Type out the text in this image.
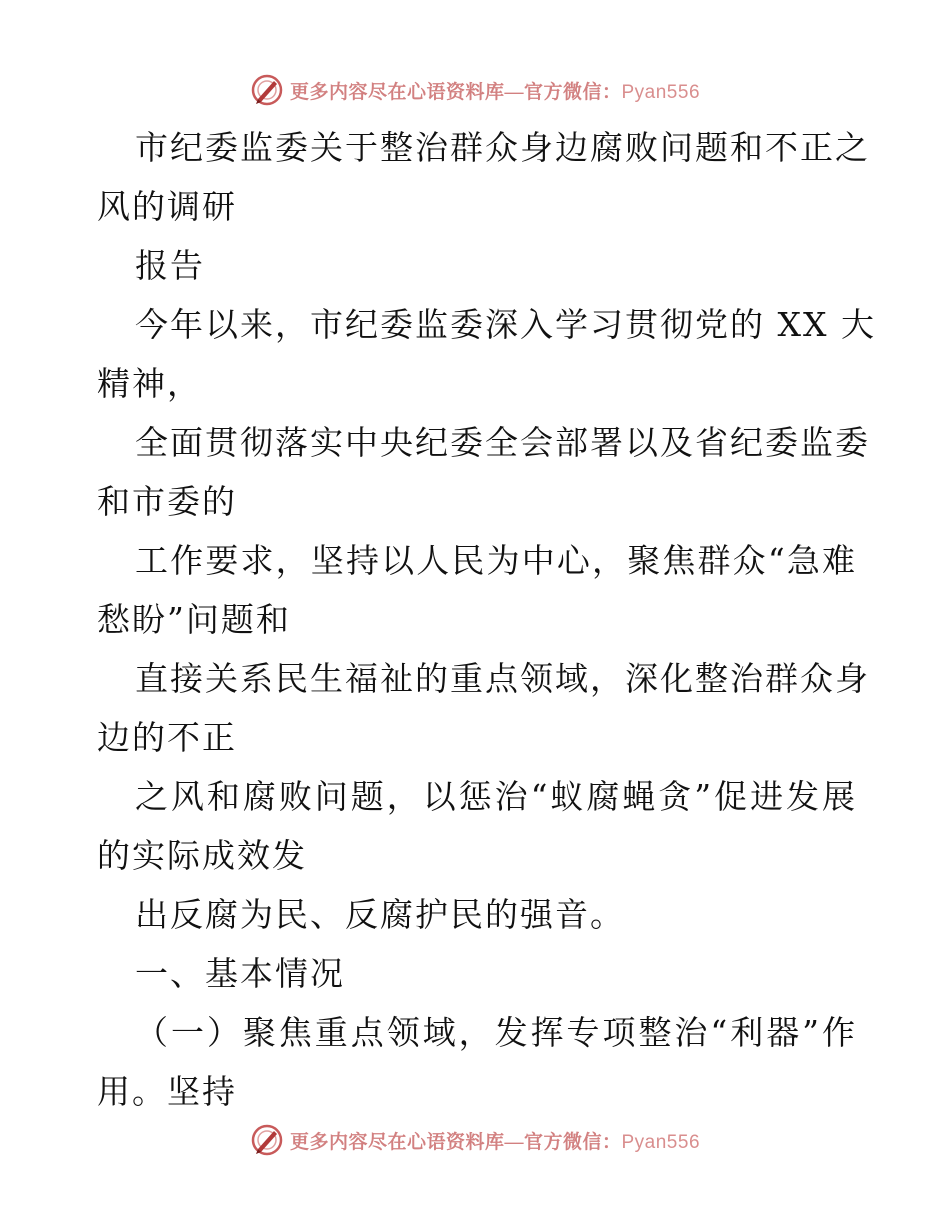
更多内容尽在心语资料库—官方微信：Pyan556
市纪委监委关于整治群众身边腐败问题和不正之
风的调研
报告
今年以来，市纪委监委深入学习贯彻党的 XX 大
精神，
全面贯彻落实中央纪委全会部署以及省纪委监委
和市委的
工作要求，坚持以人民为中心，聚焦群众“急难
愁盼”问题和
直接关系民生福祉的重点领域，深化整治群众身
边的不正
之风和腐败问题，以惩治“蚁腐蝇贪”促进发展
的实际成效发
出反腐为民、反腐护民的强音。
一、基本情况
（一）聚焦重点领域，发挥专项整治“利器”作
用。坚持
更多内容尽在心语资料库—官方微信：Pyan556
